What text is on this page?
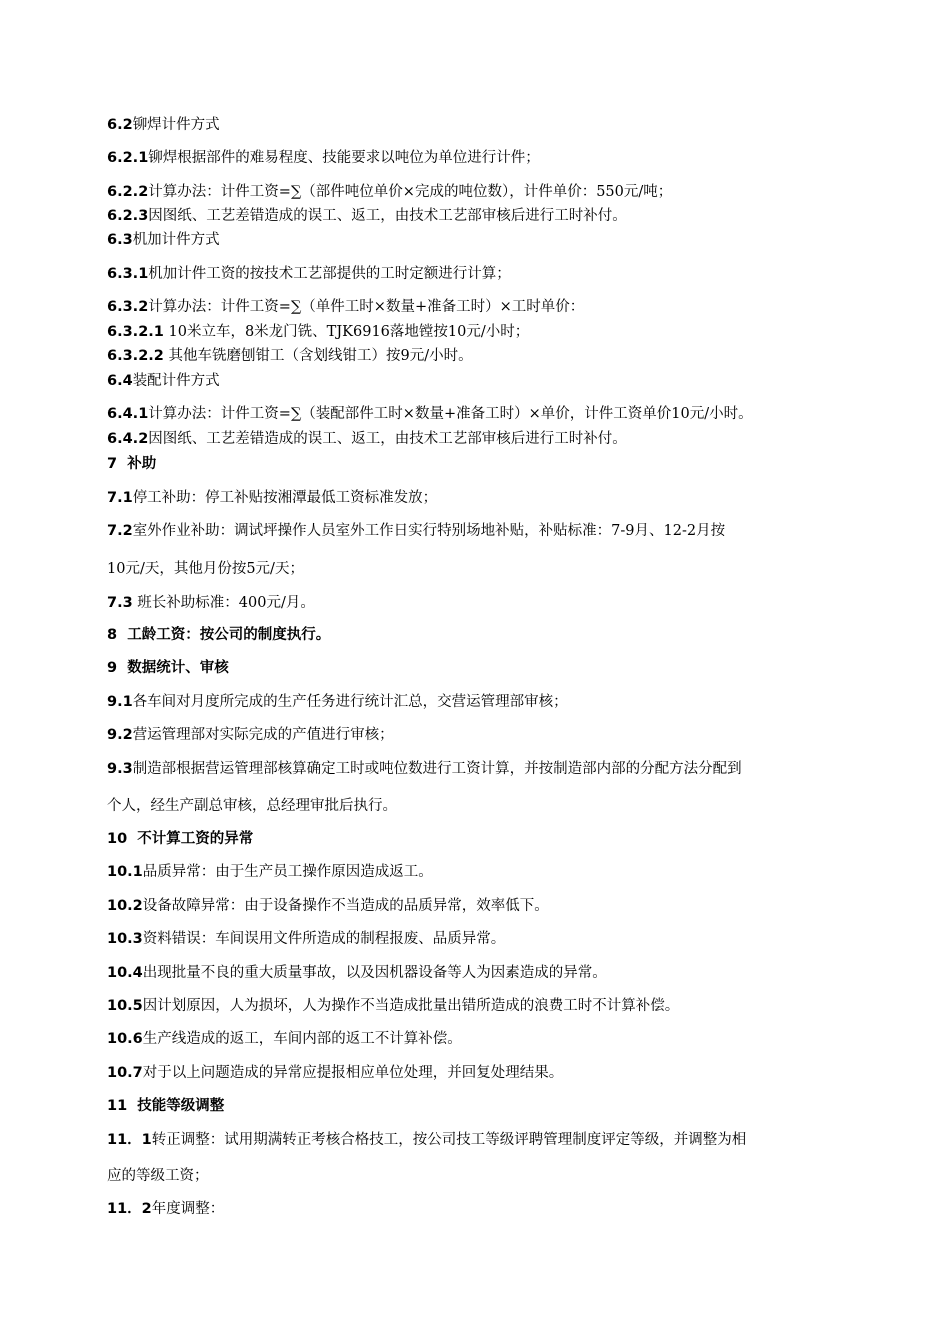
6.2铆焊计件方式
6.2.1铆焊根据部件的难易程度、技能要求以吨位为单位进行计件；
6.2.2计算办法：计件工资=∑（部件吨位单价×完成的吨位数），计件单价：550元/吨；
6.2.3因图纸、工艺差错造成的误工、返工，由技术工艺部审核后进行工时补付。
6.3机加计件方式
6.3.1机加计件工资的按技术工艺部提供的工时定额进行计算；
6.3.2计算办法：计件工资=∑（单件工时×数量+准备工时）×工时单价：
6.3.2.1 10米立车，8米龙门铣、TJK6916落地镗按10元/小时；
6.3.2.2 其他车铣磨刨钳工（含划线钳工）按9元/小时。
6.4装配计件方式
6.4.1计算办法：计件工资=∑（装配部件工时×数量+准备工时）×单价，计件工资单价10元/小时。
6.4.2因图纸、工艺差错造成的误工、返工，由技术工艺部审核后进行工时补付。
7 补助
7.1停工补助：停工补贴按湘潭最低工资标准发放；
7.2室外作业补助：调试坪操作人员室外工作日实行特别场地补贴，补贴标准：7-9月、12-2月按
10元/天，其他月份按5元/天；
7.3 班长补助标准：400元/月。
8 工龄工资：按公司的制度执行。
9 数据统计、审核
9.1各车间对月度所完成的生产任务进行统计汇总，交营运管理部审核；
9.2营运管理部对实际完成的产值进行审核；
9.3制造部根据营运管理部核算确定工时或吨位数进行工资计算，并按制造部内部的分配方法分配到
个人，经生产副总审核，总经理审批后执行。
10 不计算工资的异常
10.1品质异常：由于生产员工操作原因造成返工。
10.2设备故障异常：由于设备操作不当造成的品质异常，效率低下。
10.3资料错误：车间误用文件所造成的制程报废、品质异常。
10.4出现批量不良的重大质量事故，以及因机器设备等人为因素造成的异常。
10.5因计划原因，人为损坏，人为操作不当造成批量出错所造成的浪费工时不计算补偿。
10.6生产线造成的返工，车间内部的返工不计算补偿。
10.7对于以上问题造成的异常应提报相应单位处理，并回复处理结果。
11 技能等级调整
11．1转正调整：试用期满转正考核合格技工，按公司技工等级评聘管理制度评定等级，并调整为相
应的等级工资；
11．2年度调整：
